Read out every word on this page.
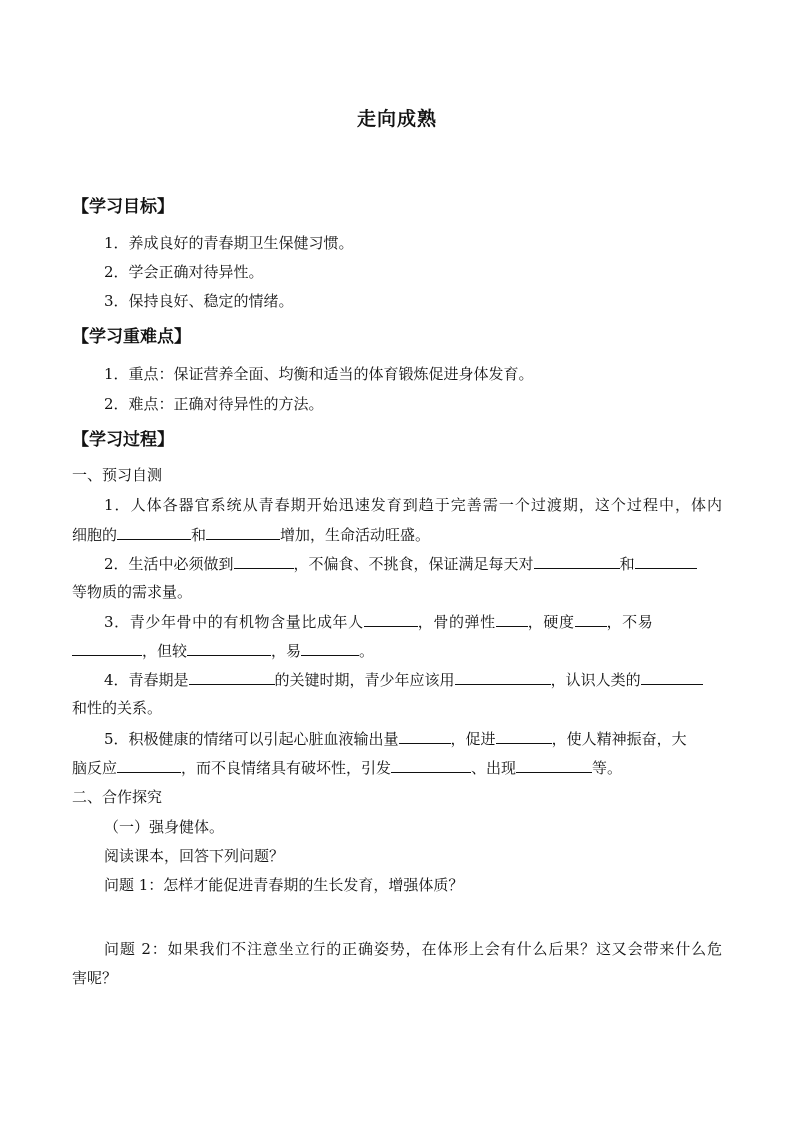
走向成熟
【学习目标】
1．养成良好的青春期卫生保健习惯。
2．学会正确对待异性。
3．保持良好、稳定的情绪。
【学习重难点】
1．重点：保证营养全面、均衡和适当的体育锻炼促进身体发育。
2．难点：正确对待异性的方法。
【学习过程】
一、预习自测
1．人体各器官系统从青春期开始迅速发育到趋于完善需一个过渡期，这个过程中，体内
细胞的	和	增加，生命活动旺盛。
2．生活中必须做到	，不偏食、不挑食，保证满足每天对	和
等物质的需求量。
3．青少年骨中的有机物含量比成年人	，骨的弹性 ，硬度 ，不易
，但较	，易	。
4．青春期是	的关键时期，青少年应该用	，认识人类的
和性的关系。
5．积极健康的情绪可以引起心脏血液输出量	，促进	，使人精神振奋，大
脑反应	，而不良情绪具有破坏性，引发	、出现	等。
二、合作探究
（一）强身健体。
阅读课本，回答下列问题？
问题 1：怎样才能促进青春期的生长发育，增强体质？
问题 2：如果我们不注意坐立行的正确姿势，在体形上会有什么后果？这又会带来什么危
害呢？
